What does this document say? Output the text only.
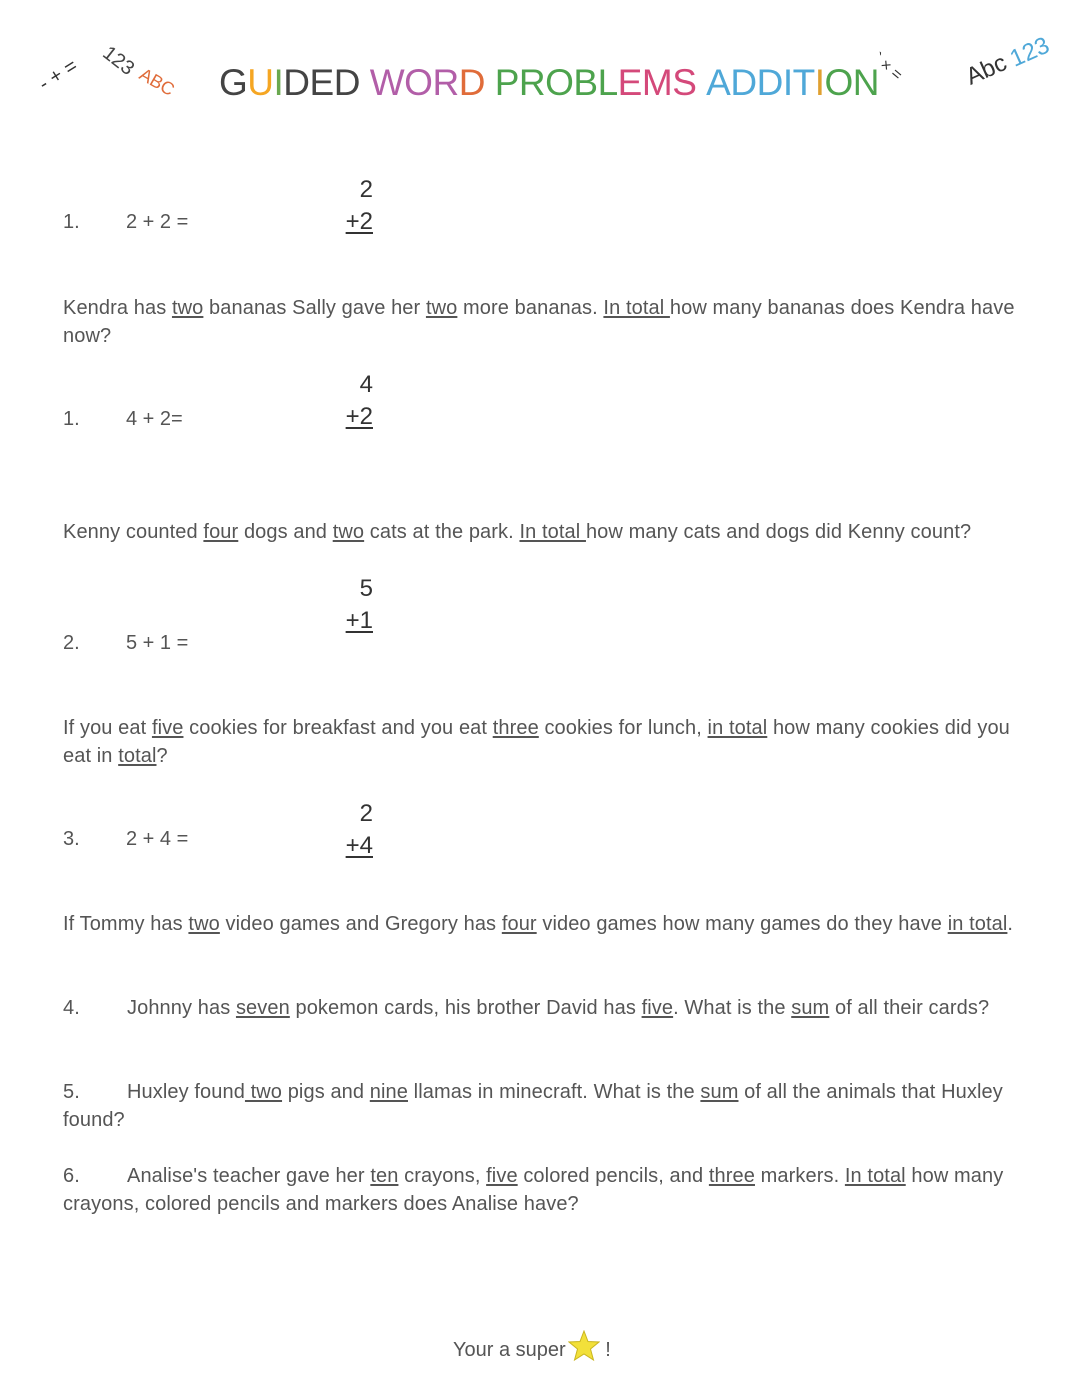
- + = 123
ABC	` × = Abc
123
GUIDED WORD PROBLEMS ADDITION
1. 2 + 2 =
2
+2
Kendra has two bananas Sally gave her two more bananas. In total how many bananas does Kendra have now?
1. 4 + 2=
4
+2
Kenny counted four dogs and two cats at the park. In total how many cats and dogs did Kenny count?
5
+1
2. 5 + 1 =
If you eat five cookies for breakfast and you eat three cookies for lunch, in total how many cookies did you eat in total?
2
+4
3. 2 + 4 =
If Tommy has two video games and Gregory has four video games how many games do they have in total.
4. Johnny has seven pokemon cards, his brother David has five. What is the sum of all their cards?
5. Huxley found two pigs and nine llamas in minecraft. What is the sum of all the animals that Huxley found?
6. Analise's teacher gave her ten crayons, five colored pencils, and three markers. In total how many crayons, colored pencils and markers does Analise have?
Your a super !
